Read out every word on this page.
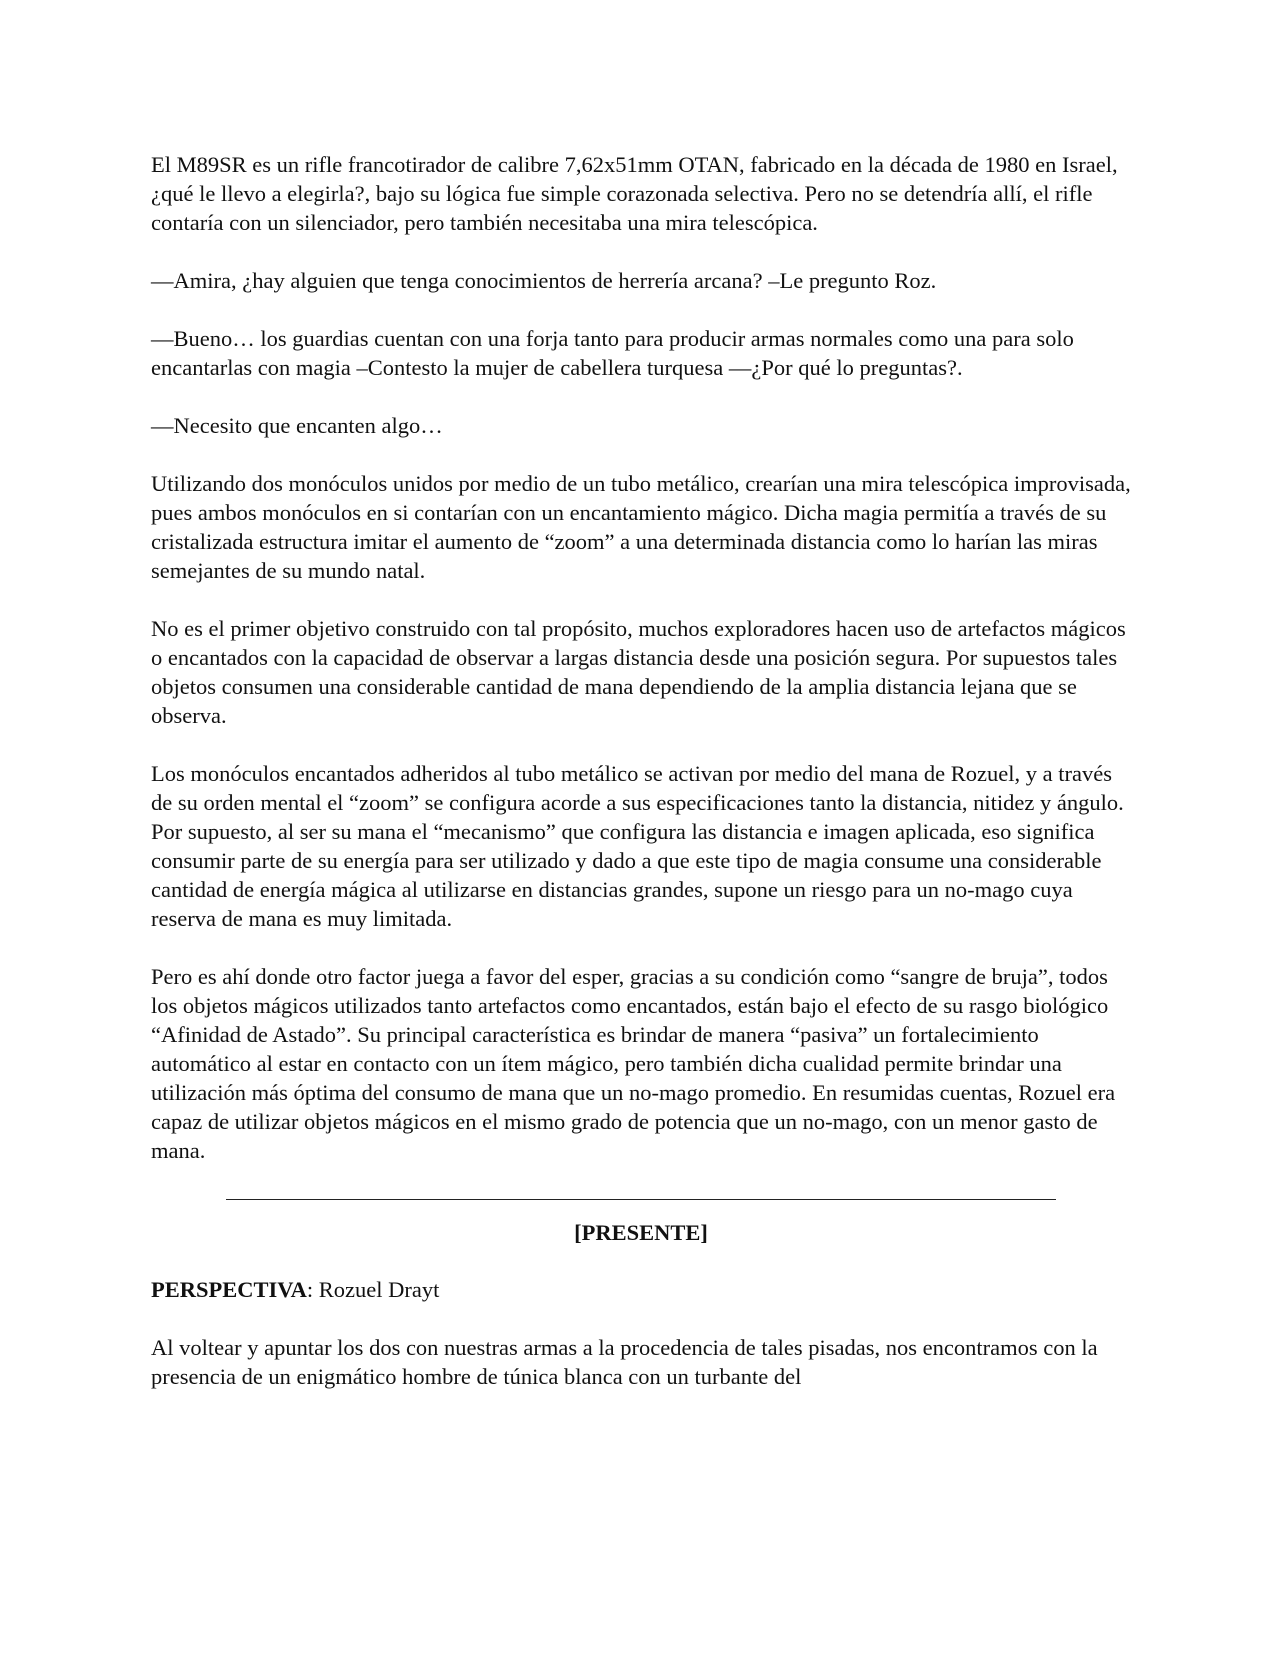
El M89SR es un rifle francotirador de calibre 7,62x51mm OTAN, fabricado en la década de 1980 en Israel, ¿qué le llevo a elegirla?, bajo su lógica fue simple corazonada selectiva. Pero no se detendría allí, el rifle contaría con un silenciador, pero también necesitaba una mira telescópica.

—Amira, ¿hay alguien que tenga conocimientos de herrería arcana? –Le pregunto Roz.

—Bueno… los guardias cuentan con una forja tanto para producir armas normales como una para solo encantarlas con magia –Contesto la mujer de cabellera turquesa —¿Por qué lo preguntas?.

—Necesito que encanten algo…

Utilizando dos monóculos unidos por medio de un tubo metálico, crearían una mira telescópica improvisada, pues ambos monóculos en si contarían con un encantamiento mágico. Dicha magia permitía a través de su cristalizada estructura imitar el aumento de “zoom” a una determinada distancia como lo harían las miras semejantes de su mundo natal.

No es el primer objetivo construido con tal propósito, muchos exploradores hacen uso de artefactos mágicos o encantados con la capacidad de observar a largas distancia desde una posición segura. Por supuestos tales objetos consumen una considerable cantidad de mana dependiendo de la amplia distancia lejana que se observa.

Los monóculos encantados adheridos al tubo metálico se activan por medio del mana de Rozuel, y a través de su orden mental el “zoom” se configura acorde a sus especificaciones tanto la distancia, nitidez y ángulo. Por supuesto, al ser su mana el “mecanismo” que configura las distancia e imagen aplicada, eso significa consumir parte de su energía para ser utilizado y dado a que este tipo de magia consume una considerable cantidad de energía mágica al utilizarse en distancias grandes, supone un riesgo para un no-mago cuya reserva de mana es muy limitada.

Pero es ahí donde otro factor juega a favor del esper, gracias a su condición como “sangre de bruja”, todos los objetos mágicos utilizados tanto artefactos como encantados, están bajo el efecto de su rasgo biológico “Afinidad de Astado”. Su principal característica es brindar de manera “pasiva” un fortalecimiento automático al estar en contacto con un ítem mágico, pero también dicha cualidad permite brindar una utilización más óptima del consumo de mana que un no-mago promedio. En resumidas cuentas, Rozuel era capaz de utilizar objetos mágicos en el mismo grado de potencia que un no-mago, con un menor gasto de mana.

[PRESENTE]

PERSPECTIVA: Rozuel Drayt

Al voltear y apuntar los dos con nuestras armas a la procedencia de tales pisadas, nos encontramos con la presencia de un enigmático hombre de túnica blanca con un turbante del
